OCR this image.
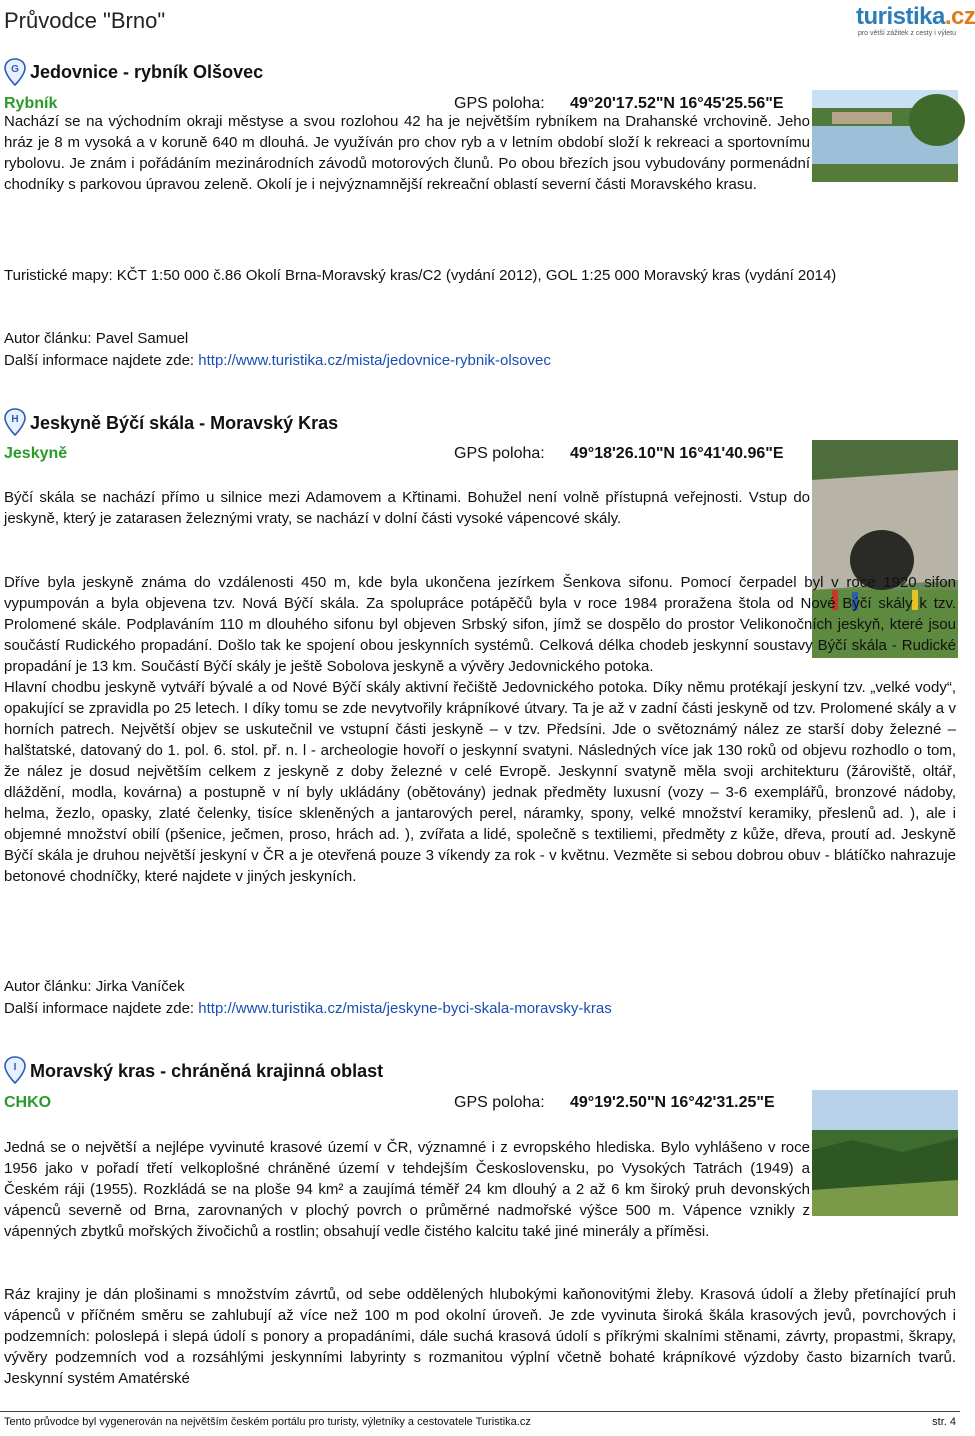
Průvodce "Brno"	turistika.cz
pro větší zážitek z cesty i výletu
G Jedovnice - rybník Olšovec
Rybník	GPS poloha: 49°20'17.52"N 16°45'25.56"E

Nachází se na východním okraji městyse a svou rozlohou 42 ha je největším rybníkem na Drahanské vrchovině. Jeho hráz je 8 m vysoká a v koruně 640 m dlouhá. Je využíván pro chov ryb a v letním období složí k rekreaci a sportovnímu rybolovu. Je znám i pořádáním mezinárodních závodů motorových člunů. Po obou březích jsou vybudovány pormenádní chodníky s parkovou úpravou zeleně. Okolí je i nejvýznamnější rekreační oblastí severní části Moravského krasu.

Turistické mapy: KČT 1:50 000 č.86 Okolí Brna-Moravský kras/C2 (vydání 2012), GOL 1:25 000 Moravský kras (vydání 2014)
Autor článku: Pavel Samuel
Další informace najdete zde: http://www.turistika.cz/mista/jedovnice-rybnik-olsovec
H Jeskyně Býčí skála - Moravský Kras
Jeskyně	GPS poloha: 49°18'26.10"N 16°41'40.96"E

Býčí skála se nachází přímo u silnice mezi Adamovem a Křtinami. Bohužel není volně přístupná veřejnosti. Vstup do jeskyně, který je zatarasen železnými vraty, se nachází v dolní části vysoké vápencové skály.

Dříve byla jeskyně známa do vzdálenosti 450 m, kde byla ukončena jezírkem Šenkova sifonu. Pomocí čerpadel byl v roce 1920 sifon vypumpován a byla objevena tzv. Nová Býčí skála. Za spolupráce potápěčů byla v roce 1984 proražena štola od Nové Býčí skály k tzv. Prolomené skále. Podplaváním 110 m dlouhého sifonu byl objeven Srbský sifon, jímž se dospělo do prostor Velikonočních jeskyň, které jsou součástí Rudického propadání. Došlo tak ke spojení obou jeskynních systémů. Celková délka chodeb jeskynní soustavy Býčí skála - Rudické propadání je 13 km. Součástí Býčí skály je ještě Sobolova jeskyně a vývěry Jedovnického potoka.

Hlavní chodbu jeskyně vytváří bývalé a od Nové Býčí skály aktivní řečiště Jedovnického potoka. Díky němu protékají jeskyní tzv. „velké vody“, opakující se zpravidla po 25 letech. I díky tomu se zde nevytvořily krápníkové útvary. Ta je až v zadní části jeskyně od tzv. Prolomené skály a v horních patrech. Největší objev se uskutečnil ve vstupní části jeskyně – v tzv. Předsíni. Jde o světoznámý nález ze starší doby železné – halštatské, datovaný do 1. pol. 6. stol. př. n. l - archeologie hovoří o jeskynní svatyni. Následných více jak 130 roků od objevu rozhodlo o tom, že nález je dosud největším celkem z jeskyně z doby železné v celé Evropě. Jeskynní svatyně měla svoji architekturu (žároviště, oltář, dláždění, modla, kovárna) a postupně v ní byly ukládány (obětovány) jednak předměty luxusní (vozy – 3-6 exemplářů, bronzové nádoby, helma, žezlo, opasky, zlaté čelenky, tisíce skleněných a jantarových perel, náramky, spony, velké množství keramiky, přeslenů ad. ), ale i objemné množství obilí (pšenice, ječmen, proso, hrách ad. ), zvířata a lidé, společně s textiliemi, předměty z kůže, dřeva, proutí ad. Jeskyně Býčí skála je druhou největší jeskyní v ČR a je otevřená pouze 3 víkendy za rok - v květnu. Vezměte si sebou dobrou obuv - blátíčko nahrazuje betonové chodníčky, které najdete v jiných jeskyních.

Autor článku: Jirka Vaníček
Další informace najdete zde: http://www.turistika.cz/mista/jeskyne-byci-skala-moravsky-kras
I Moravský kras - chráněná krajinná oblast
CHKO	GPS poloha: 49°19'2.50"N 16°42'31.25"E

Jedná se o největší a nejlépe vyvinuté krasové území v ČR, významné i z evropského hlediska. Bylo vyhlášeno v roce 1956 jako v pořadí třetí velkoplošné chráněné území v tehdejším Československu, po Vysokých Tatrách (1949) a Českém ráji (1955). Rozkládá se na ploše 94 km² a zaujímá téměř 24 km dlouhý a 2 až 6 km široký pruh devonských vápenců severně od Brna, zarovnaných v plochý povrch o průměrné nadmořské výšce 500 m. Vápence vznikly z vápenných zbytků mořských živočichů a rostlin; obsahují vedle čistého kalcitu také jiné minerály a příměsi.

Ráz krajiny je dán plošinami s množstvím závrtů, od sebe oddělených hlubokými kaňonovitými žleby. Krasová údolí a žleby přetínající pruh vápenců v příčném směru se zahlubují až více než 100 m pod okolní úroveň. Je zde vyvinuta široká škála krasových jevů, povrchových i podzemních: poloslepá i slepá údolí s ponory a propadáními, dále suchá krasová údolí s příkrými skalními stěnami, závrty, propastmi, škrapy, vývěry podzemních vod a rozsáhlými jeskynními labyrinty s rozmanitou výplní včetně bohaté krápníkové výzdoby často bizarních tvarů. Jeskynní systém Amatérské

Tento průvodce byl vygenerován na největším českém portálu pro turisty, výletníky a cestovatele Turistika.cz	str. 4
